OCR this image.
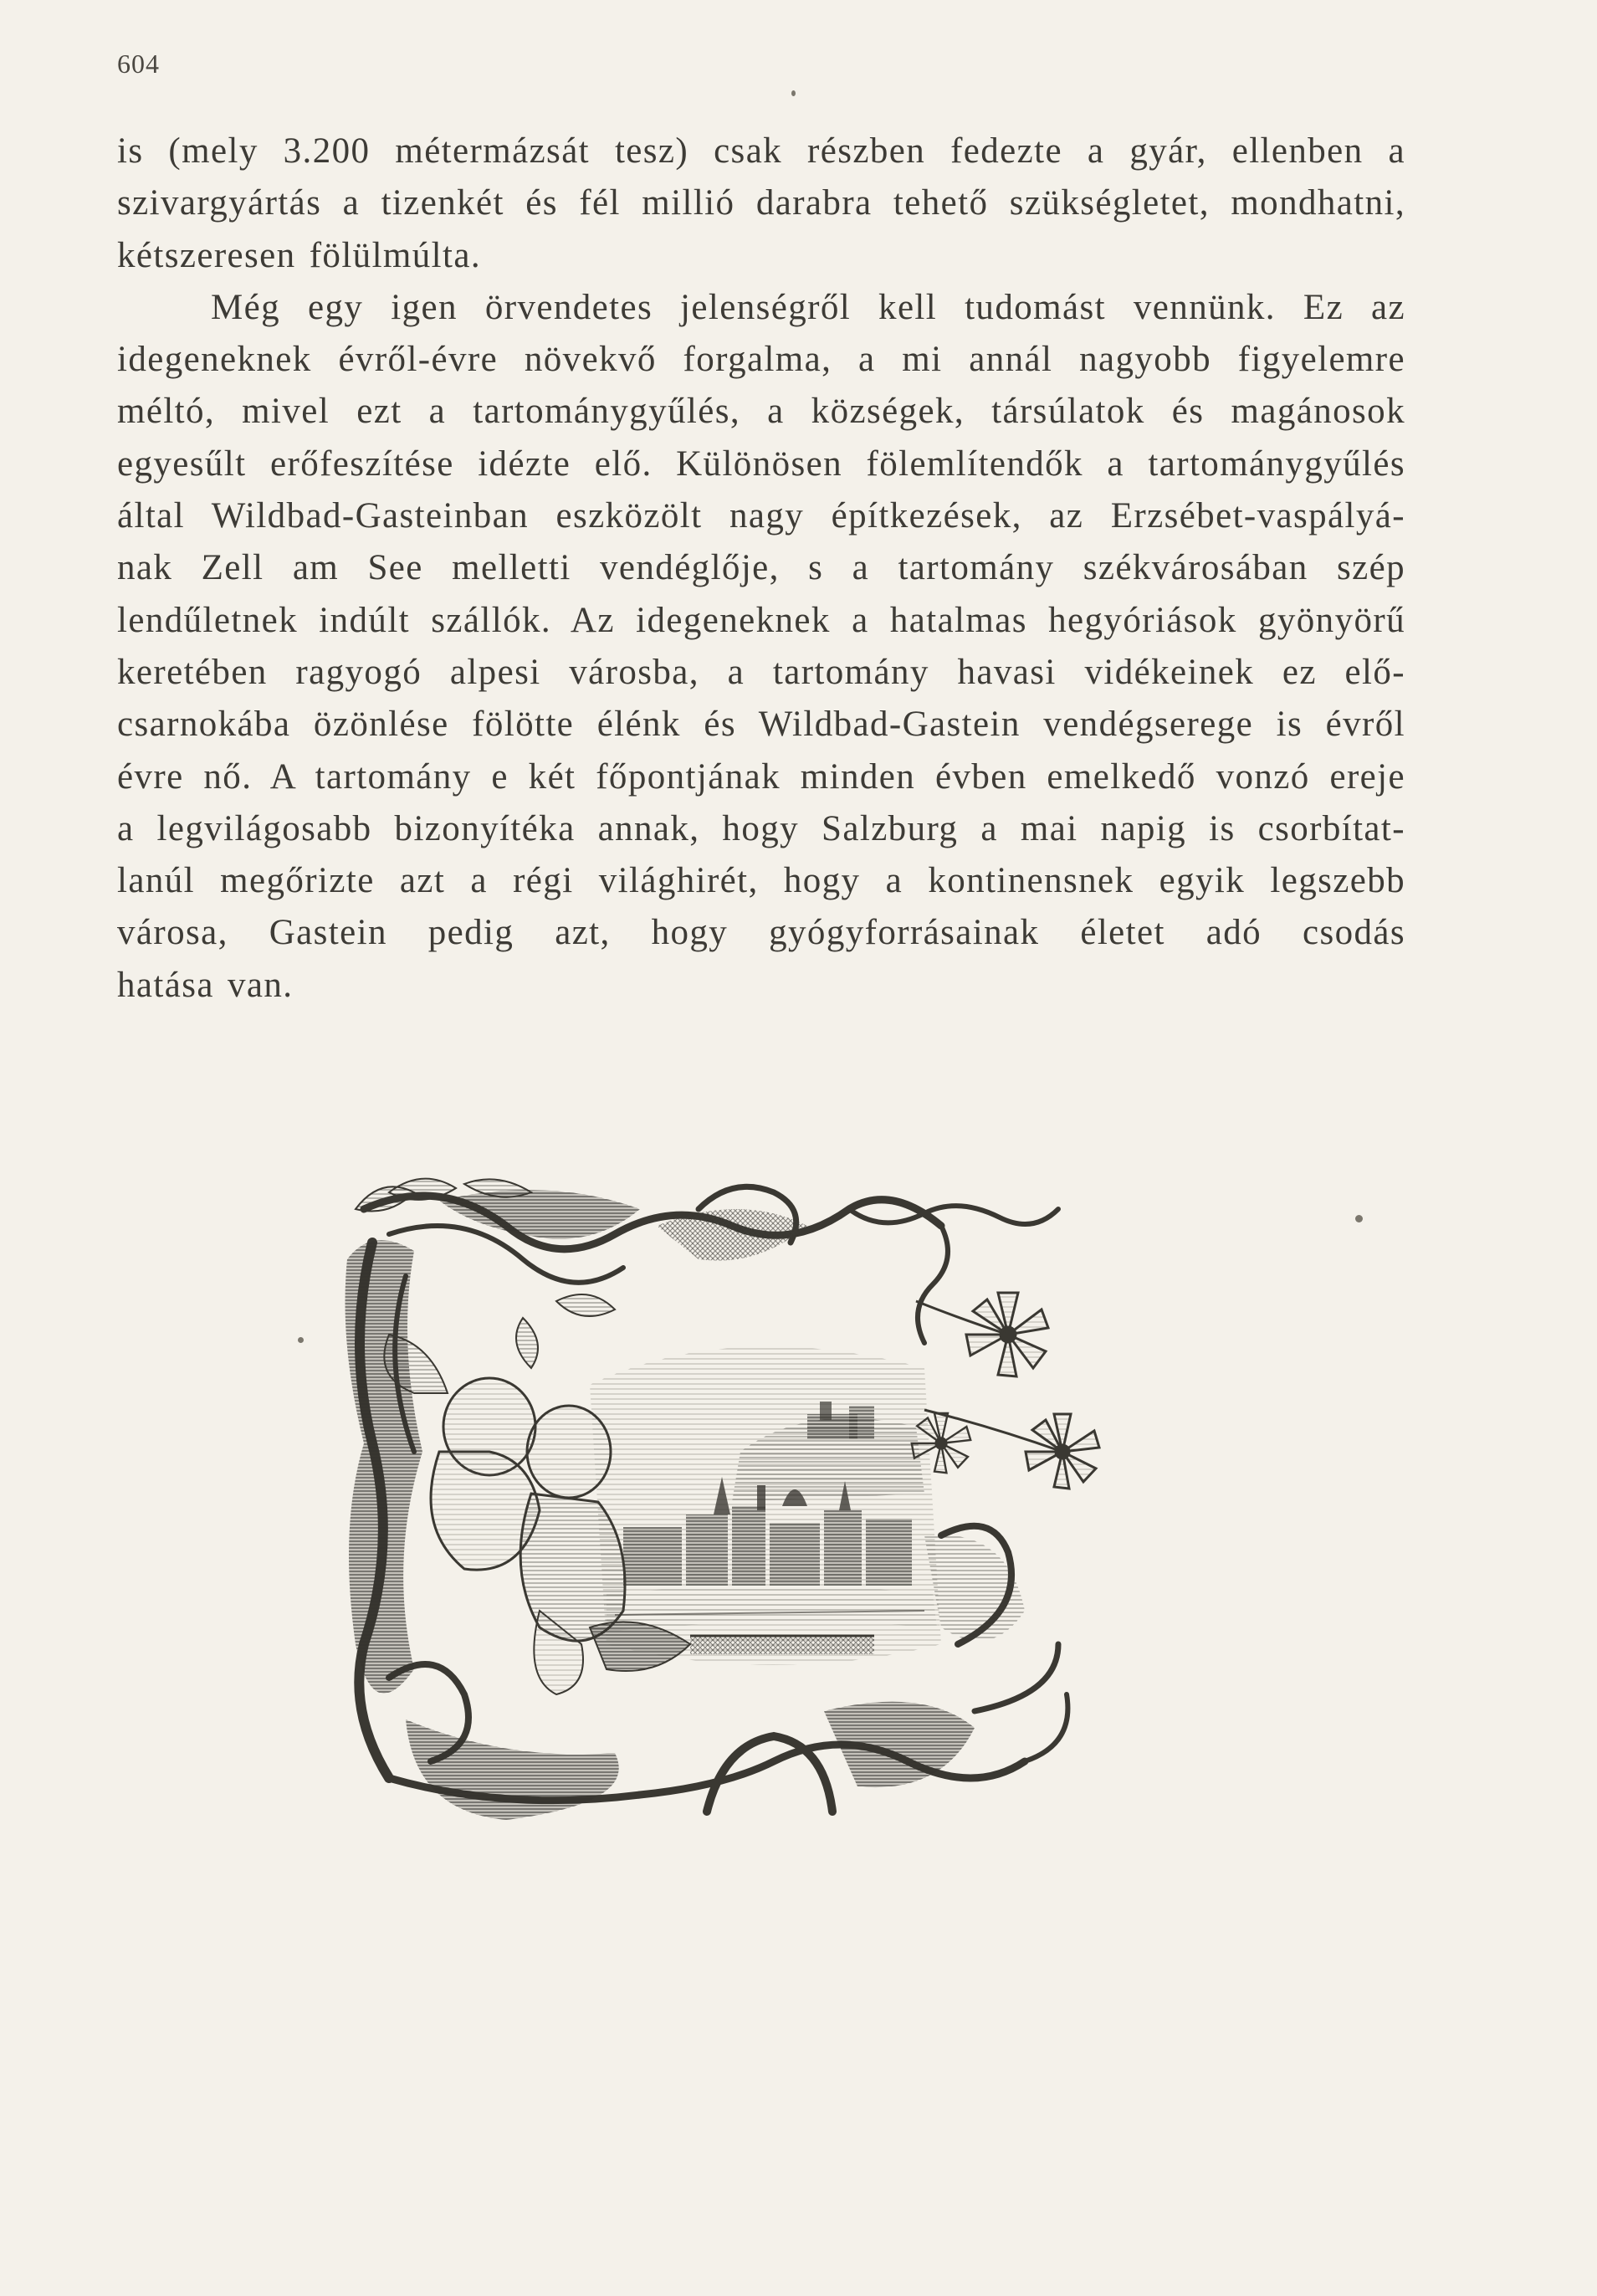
604
is (mely 3.200 métermázsát tesz) csak részben fedezte a gyár, ellenben a
szivargyártás a tizenkét és fél millió darabra tehető szükségletet, mondhatni,
kétszeresen fölülmúlta.
Még egy igen örvendetes jelenségről kell tudomást vennünk. Ez az
idegeneknek évről-évre növekvő forgalma, a mi annál nagyobb figyelemre
méltó, mivel ezt a tartománygyűlés, a községek, társúlatok és magánosok
egyesűlt erőfeszítése idézte elő. Különösen fölemlítendők a tartománygyűlés
által Wildbad-Gasteinban eszközölt nagy építkezések, az Erzsébet-vaspályá-
nak Zell am See melletti vendéglője, s a tartomány székvárosában szép
lendűletnek indúlt szállók. Az idegeneknek a hatalmas hegyóriások gyönyörű
keretében ragyogó alpesi városba, a tartomány havasi vidékeinek ez elő-
csarnokába özönlése fölötte élénk és Wildbad-Gastein vendégserege is évről
évre nő. A tartomány e két főpontjának minden évben emelkedő vonzó ereje
a legvilágosabb bizonyítéka annak, hogy Salzburg a mai napig is csorbítat-
lanúl megőrizte azt a régi világhirét, hogy a kontinensnek egyik legszebb
városa, Gastein pedig azt, hogy gyógyforrásainak életet adó csodás
hatása van.
